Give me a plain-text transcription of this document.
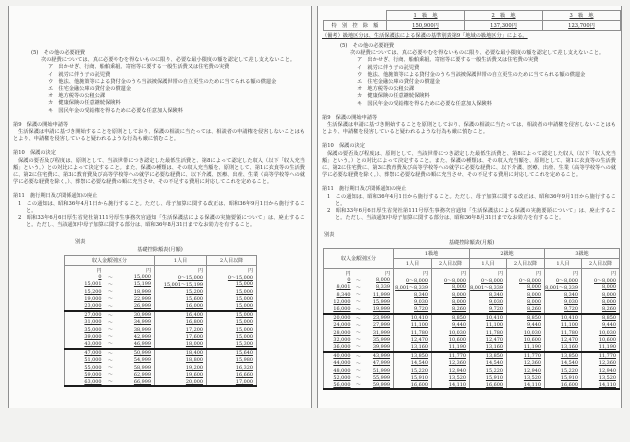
(5)　 その他の必要経費
次の経費については、真に必要やむを得ないものに限り、必要な最小限度の額を認定して差し支えないこと。
ア　出かせぎ、行商、船舶乗組、寄宿等に要する一般生活費又は住宅費の実費
イ　就労に伴う子の託児費
ウ　他法、他施策等による貸付金のうち当該被保護世帯の自立更生のために当てられる額の償還金
エ　住宅金融公庫の貸付金の償還金
オ　地方税等の公租公課
カ　健康保険の任意継続保険料
キ　国民年金の受給権を得るために必要な任意加入保険料
第9　保護の開始申請等
生活保護は申請に基づき開始することを原則としており、保護の相談に当たっては、相談者の申請権を侵害しないことはもとより、申請権を侵害していると疑われるような行為も厳に慎むこと。
第10　保護の決定
保護の要否及び程度は、原則として、当該世帯につき認定した最低生活費と、第8によって認定した収入（以下「収入充当額」という。）との対比によって決定すること。また、保護の種類は、その収入充当額を、原則として、第1に衣食等の生活費に、第2に住宅費に、第3に教育費及び高等学校等への就学に必要な経費に、以下介護、医療、出産、生業（高等学校等への就学に必要な経費を除く。）、葬祭に必要な経費の順に充当させ、その不足する費用に対応してこれを定めること。
第11　施行期日及び関係通知の廃止
1　この通知は、昭和36年4月1日から施行すること。ただし、母子加算に関する改正は、昭和36年9月1日から施行すること。
2　昭和33年6月6日厚生省発社第111号厚生事務次官通知「生活保護法による保護の実施要領について」は、廃止すること。ただし、当該通知中母子加算に関する部分は、昭和36年8月31日までなお効力を有すること。
別表
基礎控除額表(月額)
収入金額別区分			1人目	2人目以降
円		円	円	円
0	〜	15,000	0〜15,000	0〜15,000
15,001	〜	15,199	15,001〜15,199	15,000
15,200	〜	18,999	15,200	15,000
19,000	〜	22,999	15,600	15,000
23,000	〜	26,999	16,000	15,000
27,000	〜	30,999	16,400	15,000
31,000	〜	34,999	16,800	15,000
35,000	〜	38,999	17,200	15,000
39,000	〜	42,999	17,600	15,000
43,000	〜	46,999	18,000	15,300
47,000	〜	50,999	18,400	15,640
51,000	〜	54,999	18,800	15,980
55,000	〜	58,999	19,200	16,320
59,000	〜	62,999	19,600	16,660
63,000	〜	66,999	20,000	17,000
	1　級　地	2　級　地	3　級　地
特　別　控　除　額	150,900円	137,300円	123,700円
（備考）級地区分は、生活保護法による保護の基準別表第9「地域の級地区分」による。
(5)　 その他の必要経費
次の経費については、真に必要やむを得ないものに限り、必要な最小限度の額を認定して差し支えないこと。
ア　出かせぎ、行商、船舶乗組、寄宿等に要する一般生活費又は住宅費の実費
イ　就労に伴う子の託児費
ウ　他法、他施策等による貸付金のうち当該被保護世帯の自立更生のために当てられる額の償還金
エ　住宅金融公庫の貸付金の償還金
オ　地方税等の公租公課
カ　健康保険の任意継続保険料
キ　国民年金の受給権を得るために必要な任意加入保険料
第9　保護の開始申請等
生活保護は申請に基づき開始することを原則としており、保護の相談に当たっては、相談者の申請権を侵害しないことはもとより、申請権を侵害していると疑われるような行為も厳に慎むこと。
第10　保護の決定
保護の要否及び程度は、原則として、当該世帯につき認定した最低生活費と、第8によって認定した収入（以下「収入充当額」という。）との対比によって決定すること。また、保護の種類は、その収入充当額を、原則として、第1に衣食等の生活費に、第2に住宅費に、第3に教育費及び高等学校等への就学に必要な経費に、以下介護、医療、出産、生業（高等学校等への就学に必要な経費を除く。）、葬祭に必要な経費の順に充当させ、その不足する費用に対応してこれを定めること。
第11　施行期日及び関係通知の廃止
1　この通知は、昭和36年4月1日から施行すること。ただし、母子加算に関する改正は、昭和36年9月1日から施行すること。
2　昭和33年6月6日厚生省発社第111号厚生事務次官通知「生活保護法による保護の実施要領について」は、廃止すること。ただし、当該通知中母子加算に関する部分は、昭和36年8月31日までなお効力を有すること。
別表
基礎控除額表(月額)
収入金額別区分			1級地		2級地		3級地	
			1人目	2人目以降	1人目	2人目以降	1人目	2人目以降
円		円	円	円	円	円	円	円
0	〜	8,000	0〜8,000	0〜8,000	0〜8,000	0〜8,000	0〜8,000	0〜8,000
8,001	〜	8,339	8,001〜8,339	8,000	8,001〜8,339	8,000	8,001〜8,339	8,000
8,340	〜	11,999	8,340	8,000	8,340	8,000	8,340	8,000
12,000	〜	15,999	9,030	8,000	9,030	8,000	9,030	8,000
16,000	〜	19,999	9,720	8,260	9,720	8,260	9,720	8,260
20,000	〜	23,999	10,410	8,850	10,410	8,850	10,410	8,850
24,000	〜	27,999	11,100	9,440	11,100	9,440	11,100	9,440
28,000	〜	31,999	11,780	10,030	11,780	10,030	11,780	10,030
32,000	〜	35,999	12,470	10,600	12,470	10,600	12,470	10,600
36,000	〜	39,999	13,160	11,190	13,160	11,190	13,160	11,190
40,000	〜	43,999	13,850	11,770	13,850	11,770	13,850	11,770
44,000	〜	47,999	14,540	12,360	14,540	12,360	14,540	12,360
48,000	〜	51,999	15,220	12,940	15,220	12,940	15,220	12,940
52,000	〜	55,999	15,910	13,520	15,910	13,520	15,910	13,520
56,000	〜	59,999	16,600	14,110	16,600	14,110	16,600	14,110
